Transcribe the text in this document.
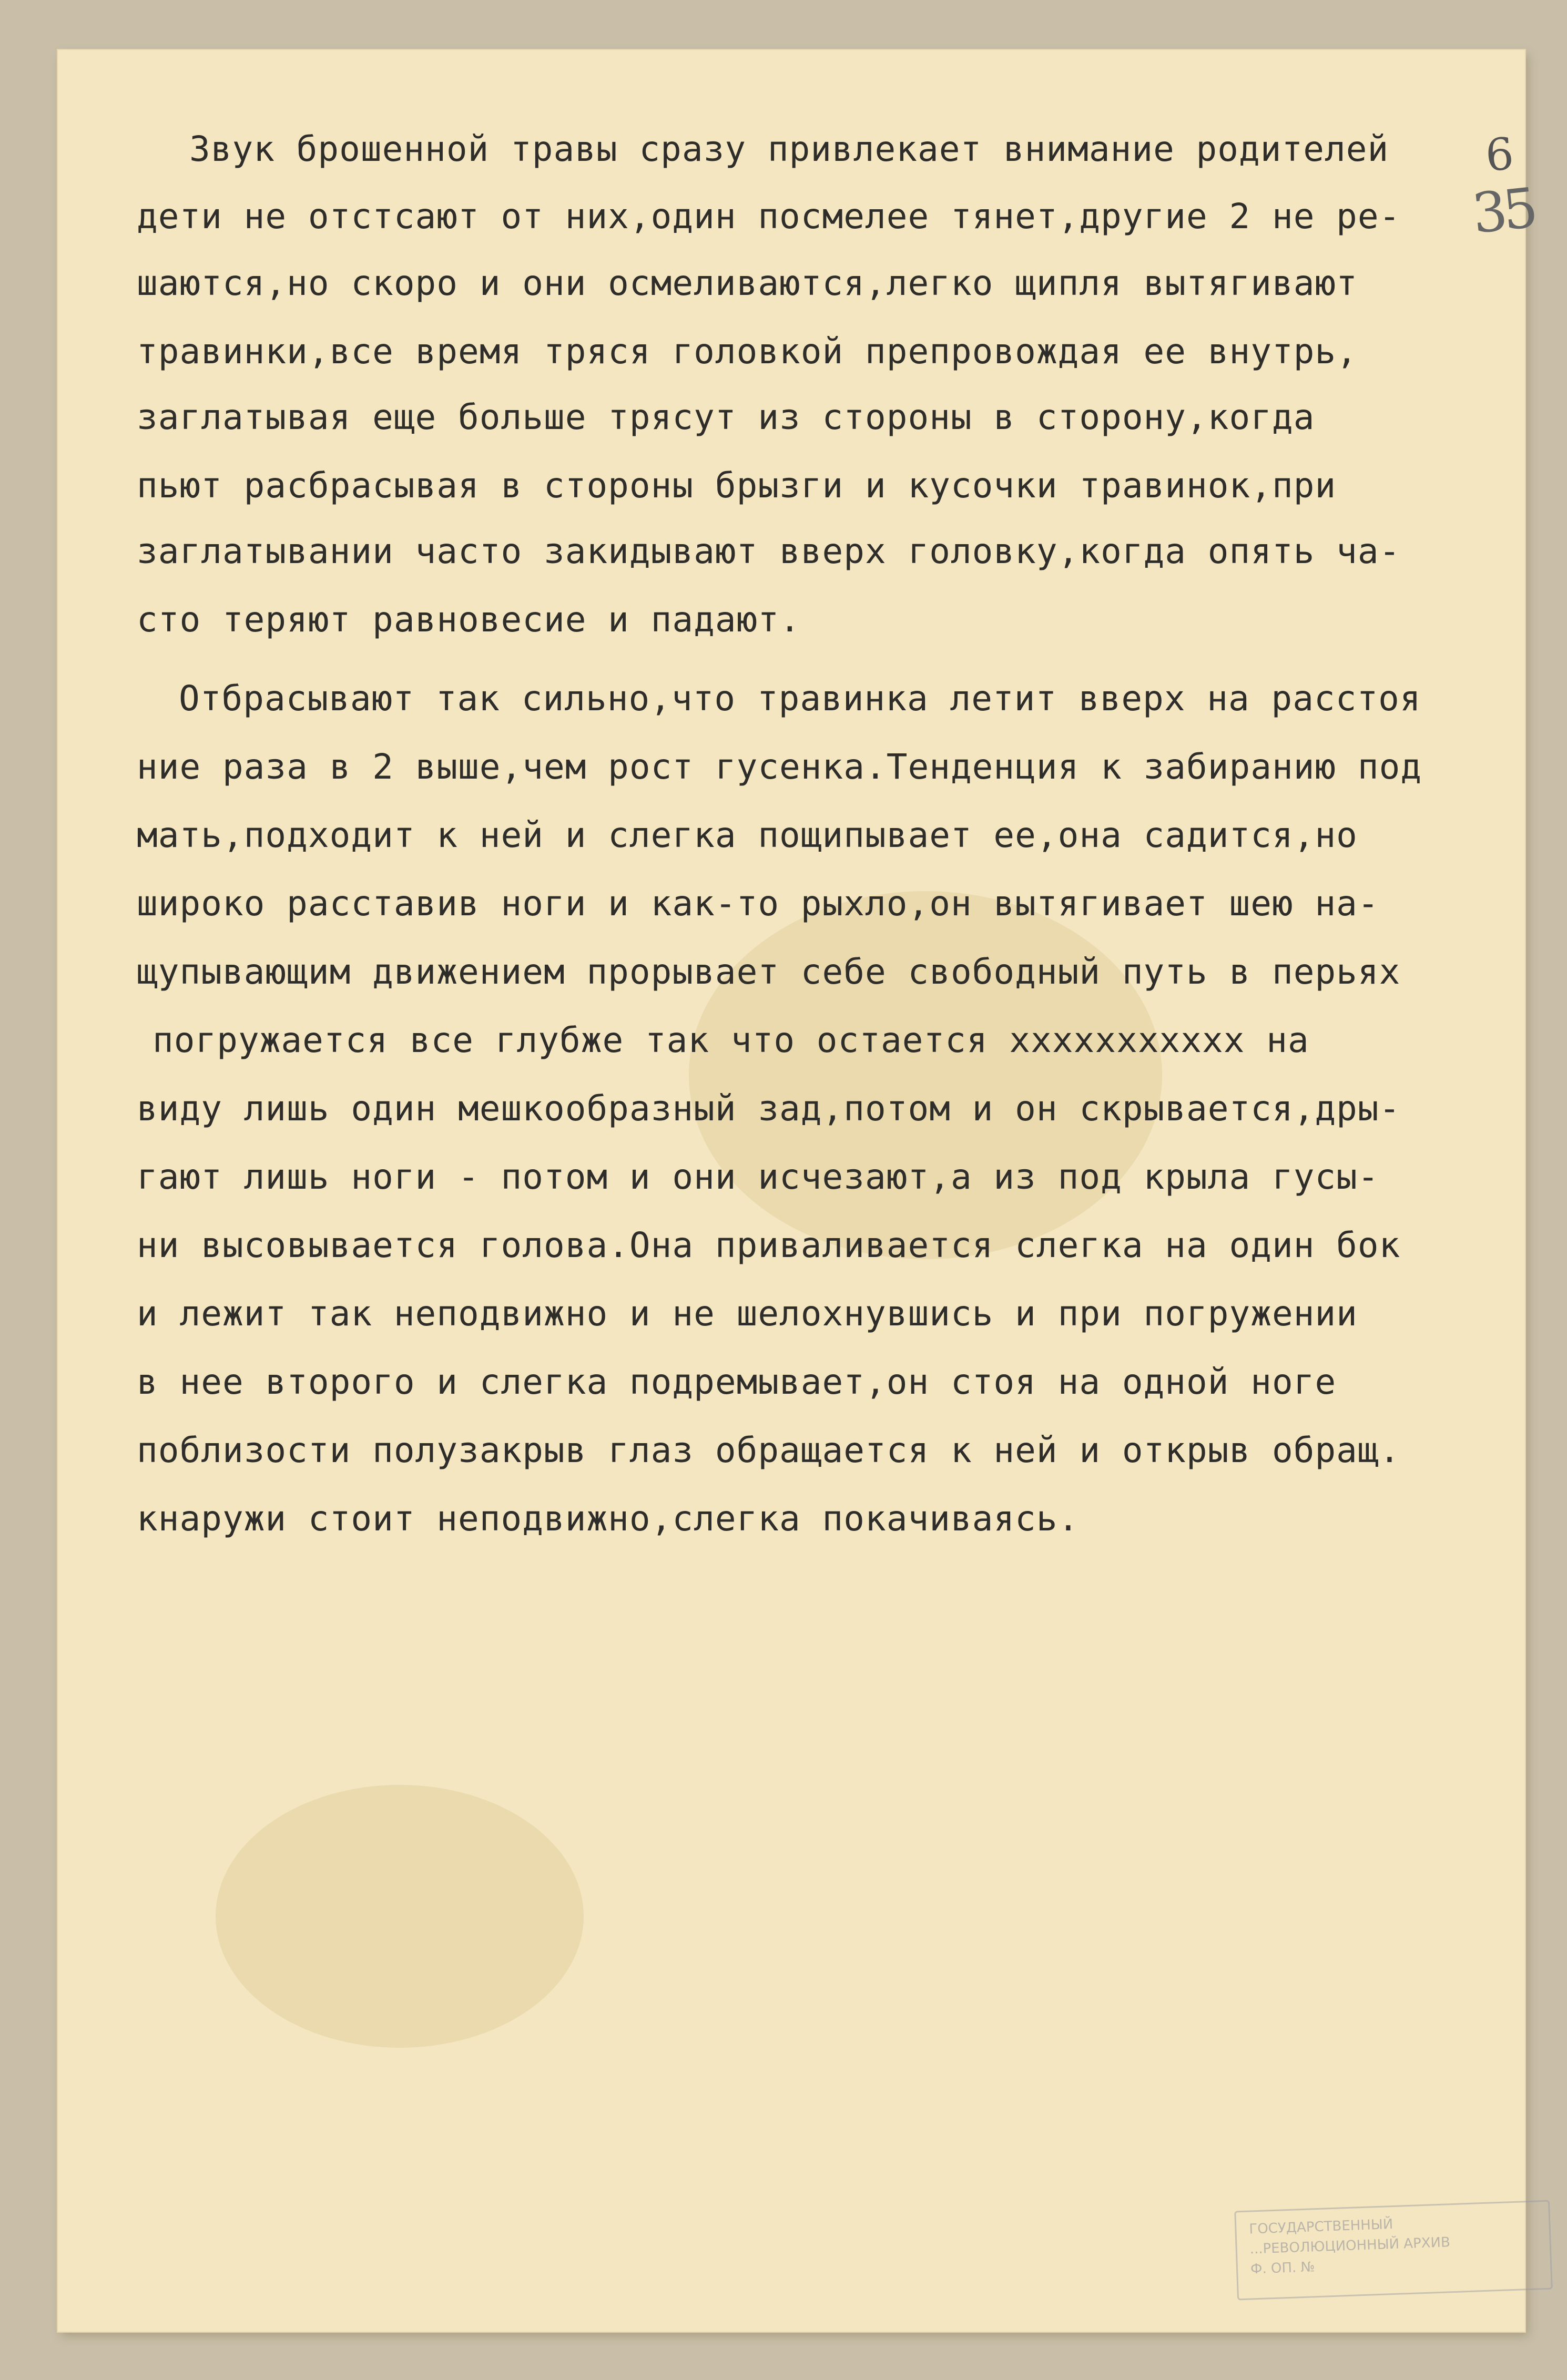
6
35
Звук брошенной травы сразу привлекает внимание родителей
дети не отстсают от них,один посмелее тянет,другие 2 не ре-
шаются,но скоро и они осмеливаются,легко щипля вытягивают
травинки,все время тряся головкой препровождая ее внутрь,
заглатывая еще больше трясут из стороны в сторону,когда
пьют расбрасывая в стороны брызги и кусочки травинок,при
заглатывании часто закидывают вверх головку,когда опять ча-
сто теряют равновесие и падают.
Отбрасывают так сильно,что травинка летит вверх на расстоя
ние раза в 2 выше,чем рост гусенка.Тенденция к забиранию под
мать,подходит к ней и слегка пощипывает ее,она садится,но
широко расставив ноги и как-то рыхло,он вытягивает шею на-
щупывающим движением прорывает себе свободный путь в перьях
погружается все глубже так что остается ххххххххххх на
виду лишь один мешкообразный зад,потом и он скрывается,дры-
гают лишь ноги - потом и они исчезают,а из под крыла гусы-
ни высовывается голова.Она приваливается слегка на один бок
и лежит так неподвижно и не шелохнувшись и при погружении
в нее второго и слегка подремывает,он стоя на одной ноге
поблизости полузакрыв глаз обращается к ней и открыв обращ.
кнаружи стоит неподвижно,слегка покачиваясь.
ГОСУДАРСТВЕННЫЙ
...РЕВОЛЮЦИОННЫЙ АРХИВ
Ф. ОП. №
